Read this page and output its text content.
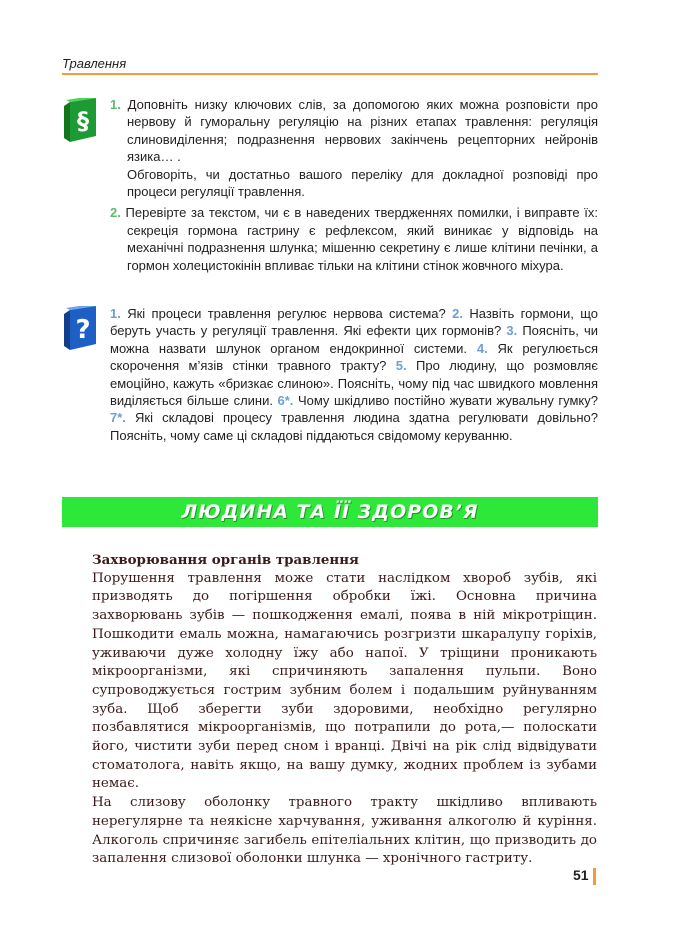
Травлення
§

1. Доповніть низку ключових слів, за допомогою яких можна розповісти про нервову й гуморальну регуляцію на різних етапах травлення: регуляція слиновиділення; подразнення нервових закінчень рецепторних нейронів язика… .

Обговоріть, чи достатньо вашого переліку для докладної розповіді про процеси регуляції травлення.

2. Перевірте за текстом, чи є в наведених твердженнях помилки, і виправте їх: секреція гормона гастрину є рефлексом, який виникає у відповідь на механічні подразнення шлунка; мішенню секретину є лише клітини печінки, а гормон холецистокінін впливає тільки на клітини стінок жовчного міхура.

?

1. Які процеси травлення регулює нервова система? 2. Назвіть гормони, що беруть участь у регуляції травлення. Які ефекти цих гормонів? 3. Поясніть, чи можна назвати шлунок органом ендокринної системи. 4. Як регулюється скорочення м’язів стінки травного тракту? 5. Про людину, що розмовляє емоційно, кажуть «бризкає слиною». Поясніть, чому під час швидкого мовлення виділяється більше слини. 6*. Чому шкідливо постійно жувати жувальну гумку? 7*. Які складові процесу травлення людина здатна регулювати довільно? Поясніть, чому саме ці складові піддаються свідомому керуванню.

ЛЮДИНА ТА ЇЇ ЗДОРОВ’Я

Захворювання органів травлення

Порушення травлення може стати наслідком хвороб зубів, які призводять до погіршення обробки їжі. Основна причина захворювань зубів — пошкодження емалі, поява в ній мікротріщин. Пошкодити емаль можна, намагаючись розгризти шкаралупу горіхів, уживаючи дуже холодну їжу або напої. У тріщини проникають мікроорганізми, які спричиняють запалення пульпи. Воно супроводжується гострим зубним болем і подальшим руйнуванням зуба. Щоб зберегти зуби здоровими, необхідно регулярно позбавлятися мікроорганізмів, що потрапили до рота,— полоскати його, чистити зуби перед сном і вранці. Двічі на рік слід відвідувати стоматолога, навіть якщо, на вашу думку, жодних проблем із зубами немає.

На слизову оболонку травного тракту шкідливо впливають нерегулярне та неякісне харчування, уживання алкоголю й куріння. Алкоголь спричиняє загибель епітеліальних клітин, що призводить до запалення слизової оболонки шлунка — хронічного гастриту.

51
